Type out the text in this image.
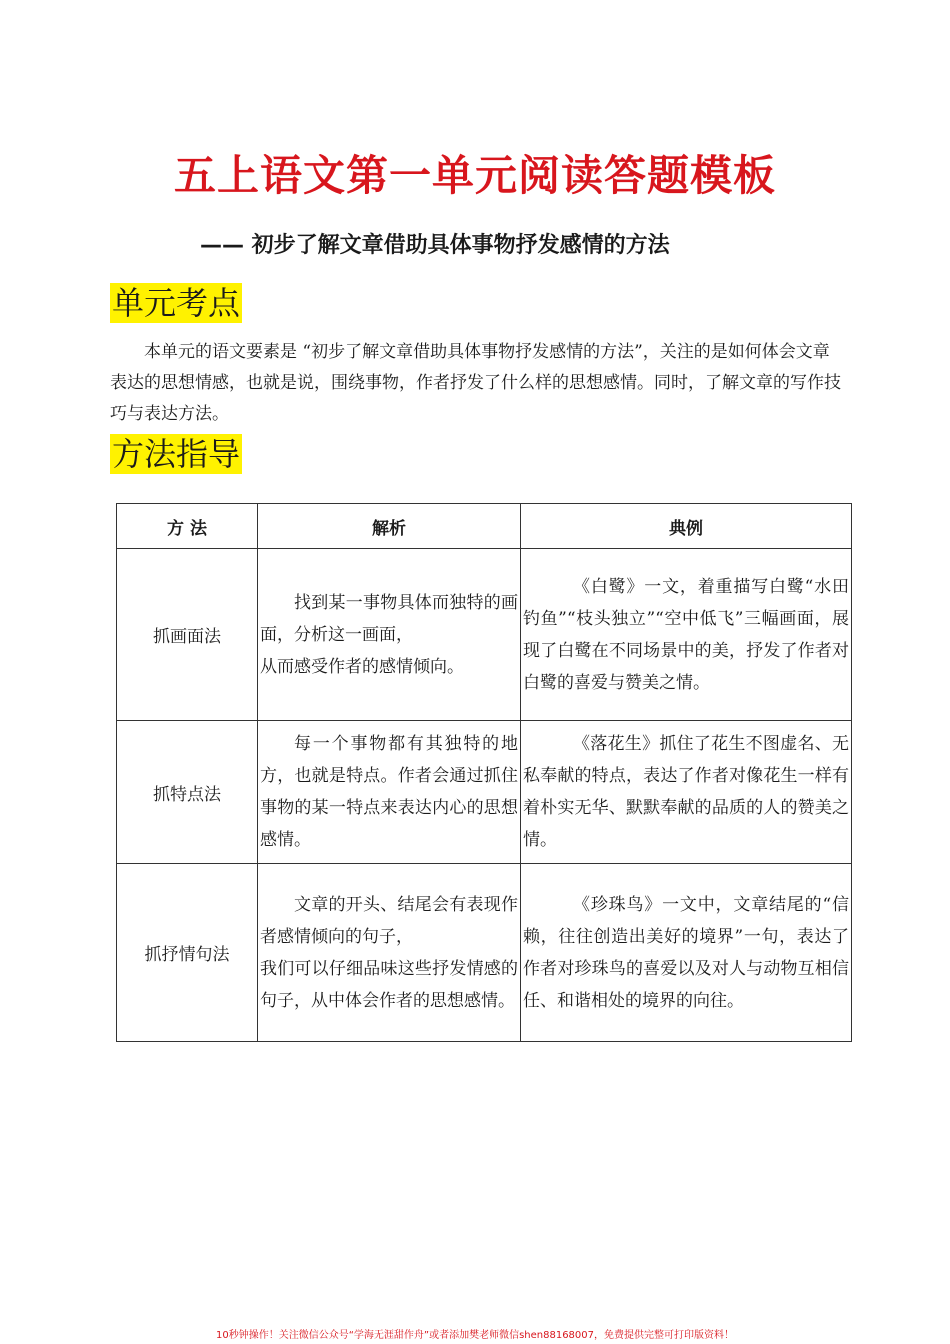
五上语文第一单元阅读答题模板
—— 初步了解文章借助具体事物抒发感情的方法
单元考点

本单元的语文要素是 “初步了解文章借助具体事物抒发感情的方法”，关注的是如何体会文章表达的思想情感，也就是说，围绕事物，作者抒发了什么样的思想感情。同时，了解文章的写作技巧与表达方法。

方法指导
方 法	解析	典例
抓画面法	找到某一事物具体而独特的画面，分析这一画面，

从而感受作者的感情倾向。	《白鹭》一文，着重描写白鹭“水田钓鱼”“枝头独立”“空中低飞”三幅画面，展现了白鹭在不同场景中的美，抒发了作者对白鹭的喜爱与赞美之情。

抓特点法	每一个事物都有其独特的地方，也就是特点。作者会通过抓住事物的某一特点来表达内心的思想感情。	《落花生》抓住了花生不图虚名、无私奉献的特点，表达了作者对像花生一样有着朴实无华、默默奉献的品质的人的赞美之情。

抓抒情句法	文章的开头、结尾会有表现作者感情倾向的句子，

我们可以仔细品味这些抒发情感的句子，从中体会作者的思想感情。	《珍珠鸟》一文中，文章结尾的“信赖，往往创造出美好的境界”一句，表达了作者对珍珠鸟的喜爱以及对人与动物互相信任、和谐相处的境界的向往。

10秒钟操作！关注微信公众号“学海无涯甜作舟”或者添加樊老师微信shen88168007，免费提供完整可打印版资料！
